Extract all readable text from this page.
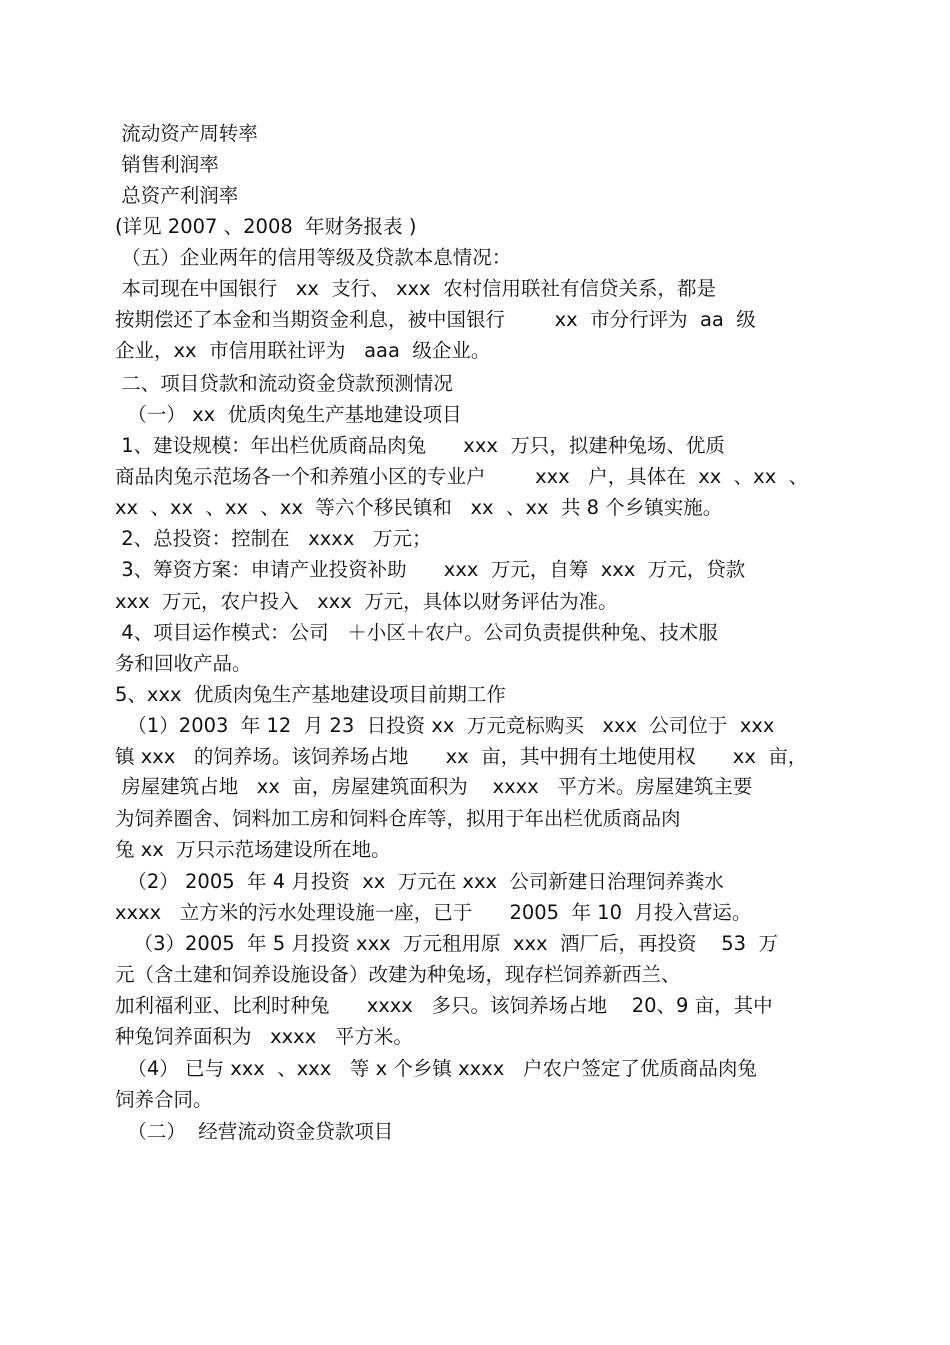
流动资产周转率
销售利润率
总资产利润率
(详见 2007 、2008  年财务报表 )
（五）企业两年的信用等级及贷款本息情况：
本司现在中国银行   xx  支行、 xxx  农村信用联社有信贷关系，都是
按期偿还了本金和当期资金利息，被中国银行        xx  市分行评为  aa  级
企业，xx  市信用联社评为   aaa  级企业。
二、项目贷款和流动资金贷款预测情况
（一） xx  优质肉兔生产基地建设项目
1、建设规模：年出栏优质商品肉兔      xxx  万只，拟建种兔场、优质
商品肉兔示范场各一个和养殖小区的专业户        xxx   户，具体在  xx  、xx  、
xx  、xx  、xx  、xx  等六个移民镇和   xx  、xx  共 8 个乡镇实施。
2、总投资：控制在   xxxx   万元；
3、筹资方案：申请产业投资补助      xxx  万元，自筹  xxx  万元，贷款
xxx  万元，农户投入   xxx  万元，具体以财务评估为准。
4、项目运作模式：公司   ＋小区＋农户。公司负责提供种兔、技术服
务和回收产品。
5、xxx  优质肉兔生产基地建设项目前期工作
（1）2003  年 12  月 23  日投资 xx  万元竞标购买   xxx  公司位于  xxx
镇 xxx   的饲养场。该饲养场占地      xx  亩，其中拥有土地使用权      xx  亩，
房屋建筑占地   xx  亩，房屋建筑面积为    xxxx   平方米。房屋建筑主要
为饲养圈舍、饲料加工房和饲料仓库等，拟用于年出栏优质商品肉
兔 xx  万只示范场建设所在地。
（2） 2005  年 4 月投资  xx  万元在 xxx  公司新建日治理饲养粪水
xxxx   立方米的污水处理设施一座，已于      2005  年 10  月投入营运。
（3）2005  年 5 月投资 xxx  万元租用原  xxx  酒厂后，再投资    53  万
元（含土建和饲养设施设备）改建为种兔场，现存栏饲养新西兰、
加利福利亚、比利时种兔      xxxx   多只。该饲养场占地    20、9 亩，其中
种兔饲养面积为   xxxx   平方米。
（4） 已与 xxx  、xxx   等 x 个乡镇 xxxx   户农户签定了优质商品肉兔
饲养合同。
（二）  经营流动资金贷款项目
